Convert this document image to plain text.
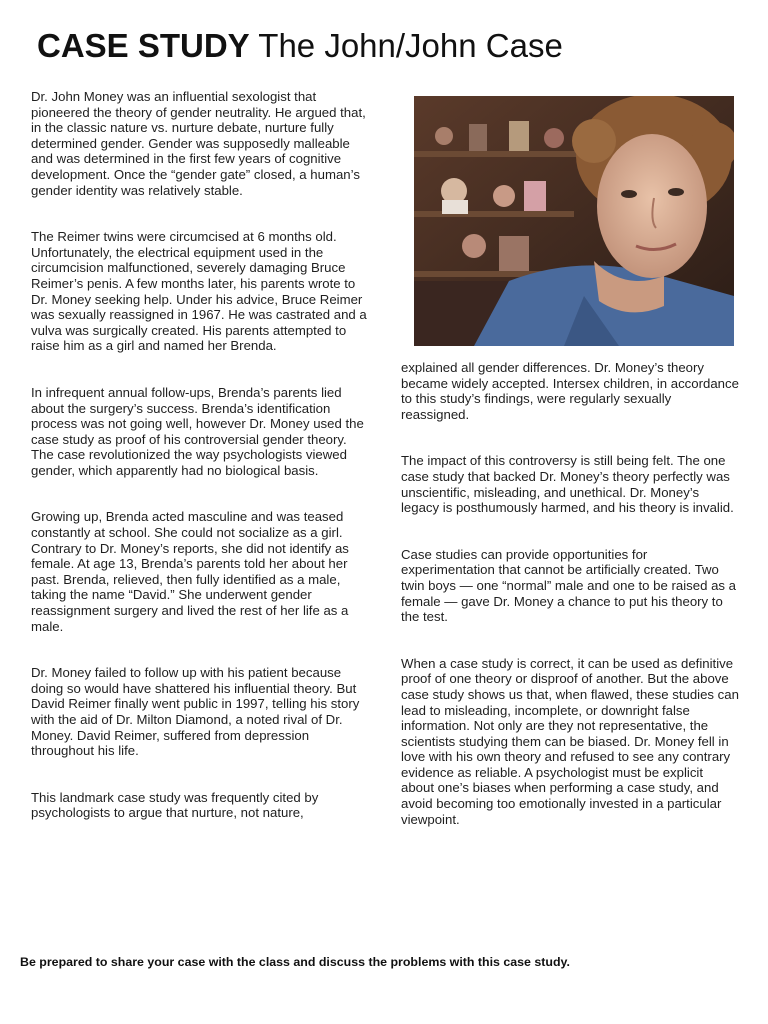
CASE STUDY The John/John Case

Dr. John Money was an influential sexologist that pioneered the theory of gender neutrality. He argued that, in the classic nature vs. nurture debate, nurture fully determined gender. Gender was supposedly malleable and was determined in the first few years of cognitive development. Once the “gender gate” closed, a human’s gender identity was relatively stable.

The Reimer twins were circumcised at 6 months old. Unfortunately, the electrical equipment used in the circumcision malfunctioned, severely damaging Bruce Reimer’s penis. A few months later, his parents wrote to Dr. Money seeking help. Under his advice, Bruce Reimer was sexually reassigned in 1967. He was castrated and a vulva was surgically created. His parents attempted to raise him as a girl and named her Brenda.

In infrequent annual follow-ups, Brenda’s parents lied about the surgery’s success. Brenda’s identification process was not going well, however Dr. Money used the case study as proof of his controversial gender theory. The case revolutionized the way psychologists viewed gender, which apparently had no biological basis.

Growing up, Brenda acted masculine and was teased constantly at school. She could not socialize as a girl. Contrary to Dr. Money’s reports, she did not identify as female. At age 13, Brenda’s parents told her about her past. Brenda, relieved, then fully identified as a male, taking the name “David.” She underwent gender reassignment surgery and lived the rest of her life as a male.

Dr. Money failed to follow up with his patient because doing so would have shattered his influential theory. But David Reimer finally went public in 1997, telling his story with the aid of Dr. Milton Diamond, a noted rival of Dr. Money. David Reimer, suffered from depression throughout his life.

This landmark case study was frequently cited by psychologists to argue that nurture, not nature,

explained all gender differences. Dr. Money’s theory became widely accepted. Intersex children, in accordance to this study’s findings, were regularly sexually reassigned.

The impact of this controversy is still being felt. The one case study that backed Dr. Money’s theory perfectly was unscientific, misleading, and unethical. Dr. Money’s legacy is posthumously harmed, and his theory is invalid.

Case studies can provide opportunities for experimentation that cannot be artificially created. Two twin boys — one “normal” male and one to be raised as a female — gave Dr. Money a chance to put his theory to the test.

When a case study is correct, it can be used as definitive proof of one theory or disproof of another. But the above case study shows us that, when flawed, these studies can lead to misleading, incomplete, or downright false information. Not only are they not representative, the scientists studying them can be biased. Dr. Money fell in love with his own theory and refused to see any contrary evidence as reliable. A psychologist must be explicit about one’s biases when performing a case study, and avoid becoming too emotionally invested in a particular viewpoint.

Be prepared to share your case with the class and discuss the problems with this case study.
